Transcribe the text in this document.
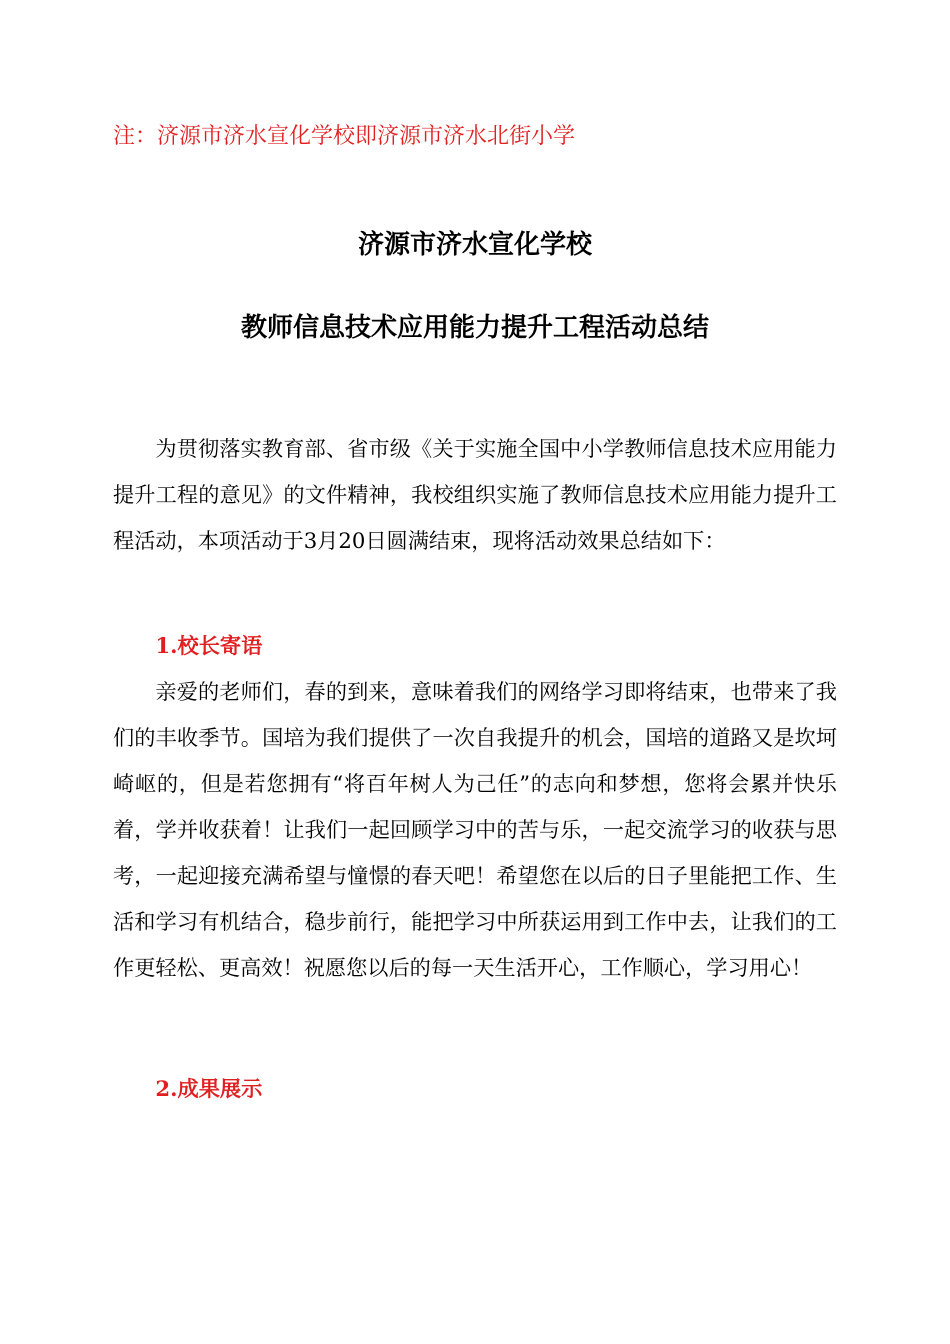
注：济源市济水宣化学校即济源市济水北街小学
济源市济水宣化学校
教师信息技术应用能力提升工程活动总结

为贯彻落实教育部、省市级《关于实施全国中小学教师信息技术应用能力提升工程的意见》的文件精神，我校组织实施了教师信息技术应用能力提升工程活动，本项活动于3月20日圆满结束，现将活动效果总结如下：

1.校长寄语

亲爱的老师们，春的到来，意味着我们的网络学习即将结束，也带来了我们的丰收季节。国培为我们提供了一次自我提升的机会，国培的道路又是坎坷崎岖的，但是若您拥有“将百年树人为己任”的志向和梦想，您将会累并快乐着，学并收获着！让我们一起回顾学习中的苦与乐，一起交流学习的收获与思考，一起迎接充满希望与憧憬的春天吧！希望您在以后的日子里能把工作、生活和学习有机结合，稳步前行，能把学习中所获运用到工作中去，让我们的工作更轻松、更高效！祝愿您以后的每一天生活开心，工作顺心，学习用心！

2.成果展示
